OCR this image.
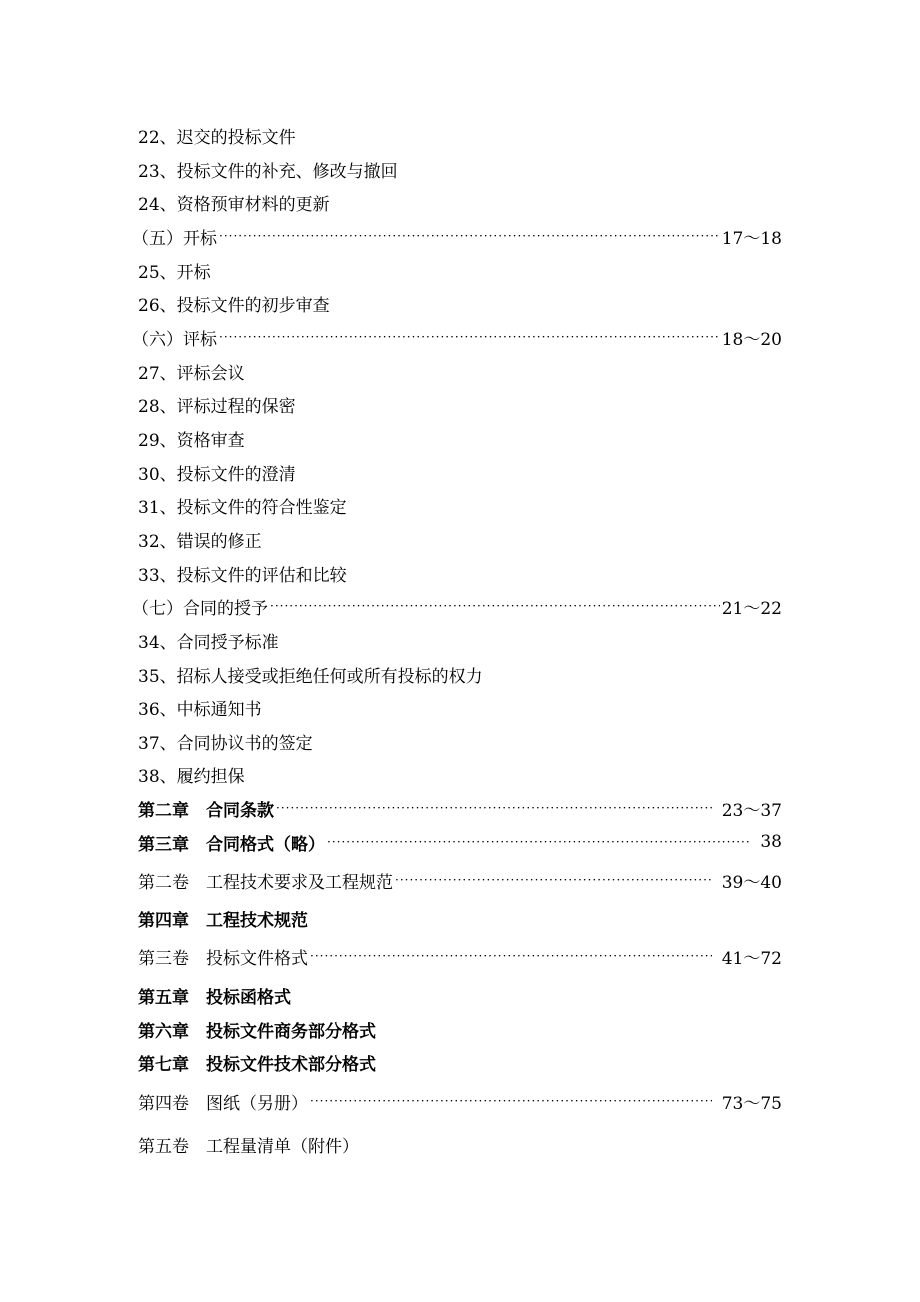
22、迟交的投标文件
23、投标文件的补充、修改与撤回
24、资格预审材料的更新
（五）开标 ·····	17～18
25、开标
26、投标文件的初步审查
（六）评标 ·····	18～20
27、评标会议
28、评标过程的保密
29、资格审查
30、投标文件的澄清
31、投标文件的符合性鉴定
32、错误的修正
33、投标文件的评估和比较
（七）合同的授予 ·····	21～22
34、合同授予标准
35、招标人接受或拒绝任何或所有投标的权力
36、中标通知书
37、合同协议书的签定
38、履约担保
第二章　合同条款 ·····	23～37
第三章　合同格式（略） ·····	38
第二卷　工程技术要求及工程规范 ·····	39～40
第四章　工程技术规范
第三卷　投标文件格式 ·····	41～72
第五章　投标函格式
第六章　投标文件商务部分格式
第七章　投标文件技术部分格式
第四卷　图纸（另册） ·····	73～75
第五卷　工程量清单（附件）
